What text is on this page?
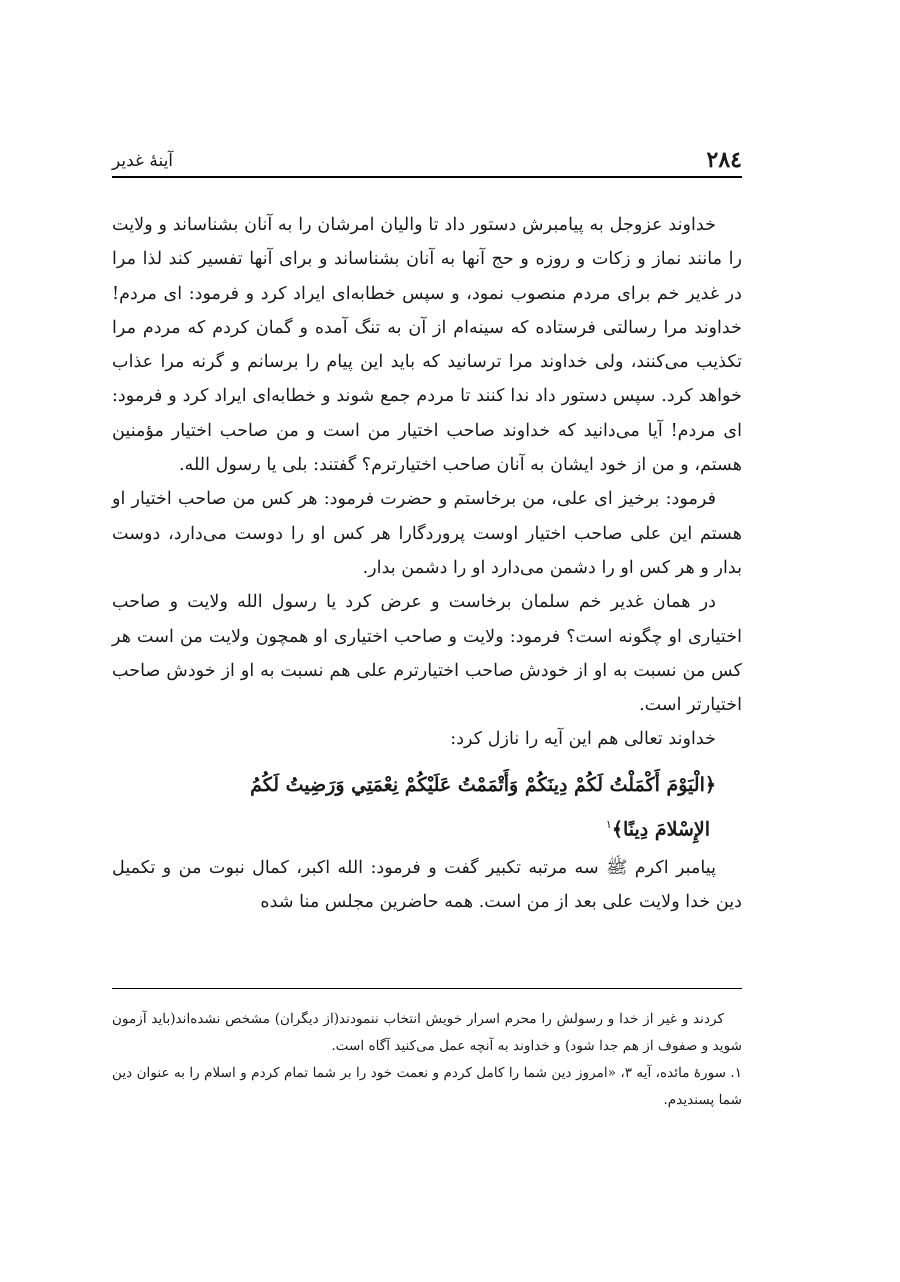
۲۸٤
آینۀ غدیر

خداوند عزوجل به پیامبرش دستور داد تا والیان امرشان را به آنان بشناساند و ولایت را مانند نماز و زکات و روزه و حج آنها به آنان بشناساند و برای آنها تفسیر کند لذا مرا در غدیر خم برای مردم منصوب نمود، و سپس خطابه‌ای ایراد کرد و فرمود: ای مردم! خداوند مرا رسالتی فرستاده که سینه‌ام از آن به تنگ آمده و گمان کردم که مردم مرا تکذیب می‌کنند، ولی خداوند مرا ترسانید که باید این پیام را برسانم و گرنه مرا عذاب خواهد کرد. سپس دستور داد ندا کنند تا مردم جمع شوند و خطابه‌ای ایراد کرد و فرمود: ای مردم! آیا می‌دانید که خداوند صاحب اختیار من است و من صاحب اختیار مؤمنین هستم، و من از خود ایشان به آنان صاحب اختیارترم؟ گفتند: بلی یا رسول الله.

فرمود: برخیز ای علی، من برخاستم و حضرت فرمود: هر کس من صاحب اختیار او هستم این علی صاحب اختیار اوست پروردگارا هر کس او را دوست می‌دارد، دوست بدار و هر کس او را دشمن می‌دارد او را دشمن بدار.

در همان غدیر خم سلمان برخاست و عرض کرد یا رسول الله ولایت و صاحب اختیاری او چگونه است؟ فرمود: ولایت و صاحب اختیاری او همچون ولایت من است هر کس من نسبت به او از خودش صاحب اختیارترم علی هم نسبت به او از خودش صاحب اختیارتر است.

خداوند تعالی هم این آیه را نازل کرد:

﴿الْيَوْمَ أَكْمَلْتُ لَكُمْ دِينَكُمْ وَأَتْمَمْتُ عَلَيْكُمْ نِعْمَتِي وَرَضِيتُ لَكُمُ
الإِسْلامَ دِينًا﴾$^۱$

پیامبر اکرم ﷺ سه مرتبه تکبیر گفت و فرمود: الله اکبر، کمال نبوت من و تکمیل دین خدا ولایت علی بعد از من است. همه حاضرین مجلس منا شده

کردند و غیر از خدا و رسولش را محرم اسرار خویش انتخاب ننمودند(از دیگران) مشخص نشده‌اند(باید آزمون شوید و صفوف از هم جدا شود) و خداوند به آنچه عمل می‌کنید آگاه است.

۱. سورۀ مائده، آیه ۳، «امروز دین شما را کامل کردم و نعمت خود را بر شما تمام کردم و اسلام را به عنوان دین شما پسندیدم.
